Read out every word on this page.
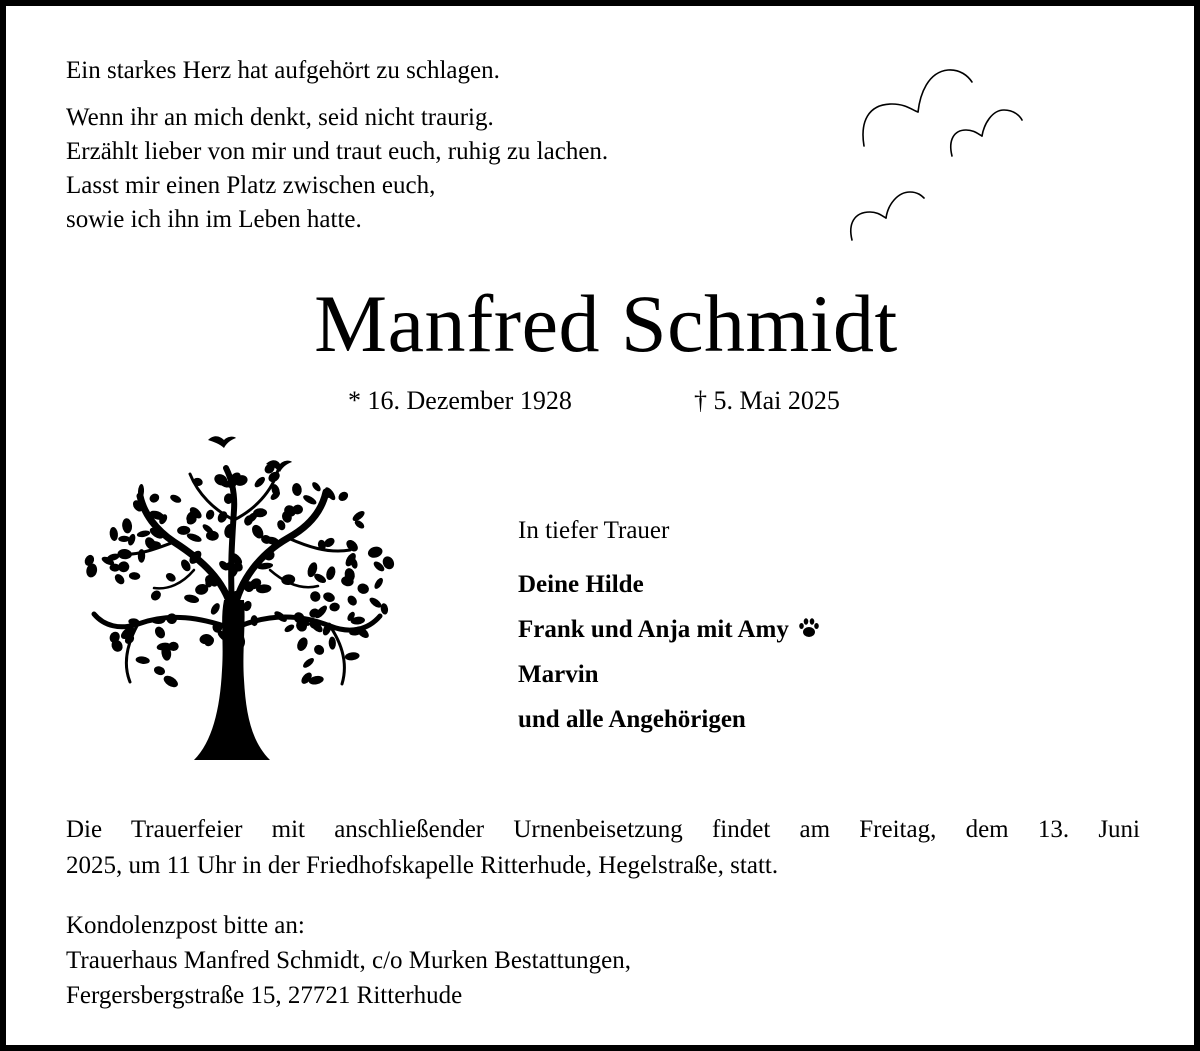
Ein starkes Herz hat aufgehört zu schlagen.
Wenn ihr an mich denkt, seid nicht traurig.
Erzählt lieber von mir und traut euch, ruhig zu lachen.
Lasst mir einen Platz zwischen euch,
sowie ich ihn im Leben hatte.
Manfred Schmidt
* 16. Dezember 1928	† 5. Mai 2025
In tiefer Trauer
Deine Hilde
Frank und Anja mit Amy
Marvin
und alle Angehörigen
Die Trauerfeier mit anschließender Urnenbeisetzung findet am Freitag, dem 13. Juni
2025, um 11 Uhr in der Friedhofskapelle Ritterhude, Hegelstraße, statt.
Kondolenzpost bitte an:
Trauerhaus Manfred Schmidt, c/o Murken Bestattungen,
Fergersbergstraße 15, 27721 Ritterhude
